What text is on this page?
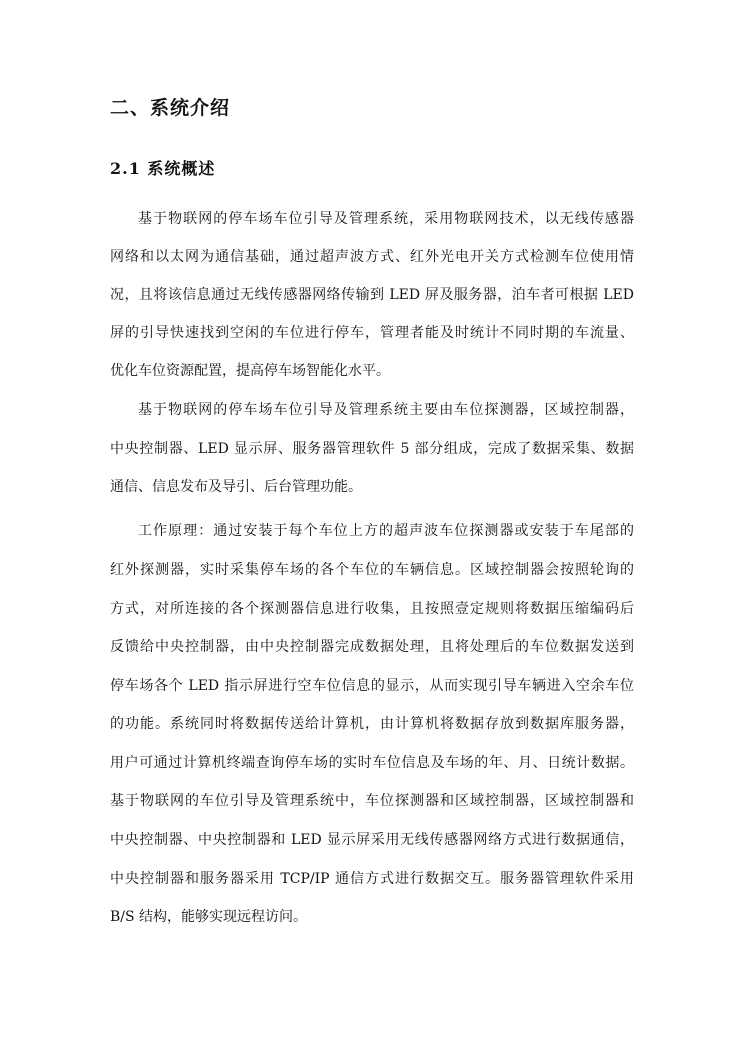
二、系统介绍
2.1 系统概述
基于物联网的停车场车位引导及管理系统，采用物联网技术，以无线传感器
网络和以太网为通信基础，通过超声波方式、红外光电开关方式检测车位使用情
况，且将该信息通过无线传感器网络传输到 LED 屏及服务器，泊车者可根据 LED
屏的引导快速找到空闲的车位进行停车，管理者能及时统计不同时期的车流量、
优化车位资源配置，提高停车场智能化水平。
基于物联网的停车场车位引导及管理系统主要由车位探测器，区域控制器，
中央控制器、LED 显示屏、服务器管理软件 5 部分组成，完成了数据采集、数据
通信、信息发布及导引、后台管理功能。
工作原理：通过安装于每个车位上方的超声波车位探测器或安装于车尾部的
红外探测器，实时采集停车场的各个车位的车辆信息。区域控制器会按照轮询的
方式，对所连接的各个探测器信息进行收集，且按照壹定规则将数据压缩编码后
反馈给中央控制器，由中央控制器完成数据处理，且将处理后的车位数据发送到
停车场各个 LED 指示屏进行空车位信息的显示，从而实现引导车辆进入空余车位
的功能。系统同时将数据传送给计算机，由计算机将数据存放到数据库服务器，
用户可通过计算机终端查询停车场的实时车位信息及车场的年、月、日统计数据。
基于物联网的车位引导及管理系统中，车位探测器和区域控制器，区域控制器和
中央控制器、中央控制器和 LED 显示屏采用无线传感器网络方式进行数据通信，
中央控制器和服务器采用 TCP/IP 通信方式进行数据交互。服务器管理软件采用
B/S 结构，能够实现远程访问。
